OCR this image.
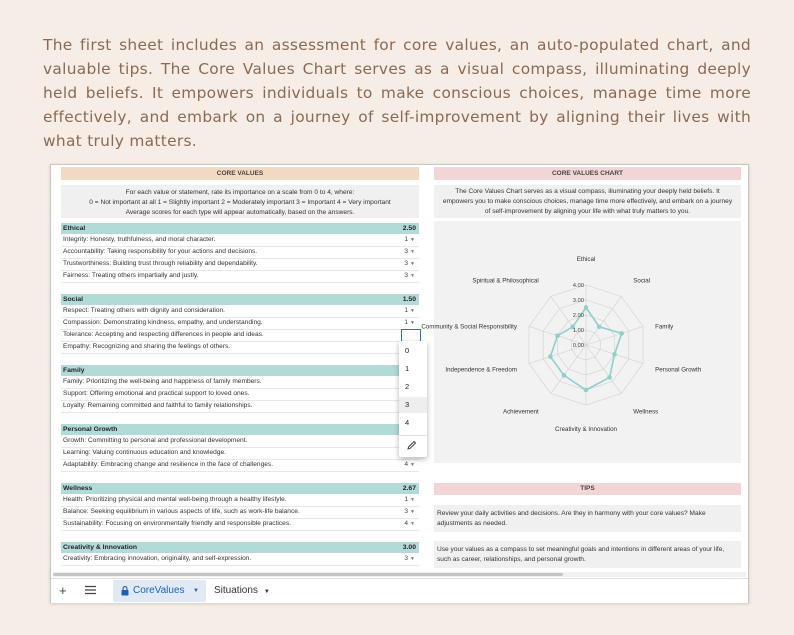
The first sheet includes an assessment for core values, an auto-populated chart, and valuable tips. The Core Values Chart serves as a visual compass, illuminating deeply held beliefs. It empowers individuals to make conscious choices, manage time more effectively, and embark on a journey of self-improvement by aligning their lives with what truly matters.
CORE VALUES
For each value or statement, rate its importance on a scale from 0 to 4, where:
0 = Not important at all 1 = Slightly important 2 = Moderately important 3 = Important 4 = Very important
Average scores for each type will appear automatically, based on the answers.
Ethical	2.50
Integrity: Honesty, truthfulness, and moral character.	1 ▼
Accountability: Taking responsibility for your actions and decisions.	3 ▼
Trustworthiness: Building trust through reliability and dependability.	3 ▼
Fairness: Treating others impartially and justly.	3 ▼
Social	1.50
Respect: Treating others with dignity and consideration.	1 ▼
Compassion: Demonstrating kindness, empathy, and understanding.	1 ▼
Tolerance: Accepting and respecting differences in people and ideas.
Empathy: Recognizing and sharing the feelings of others.
Family
Family: Prioritizing the well-being and happiness of family members.
Support: Offering emotional and practical support to loved ones.
Loyalty: Remaining committed and faithful to family relationships.
Personal Growth
Growth: Committing to personal and professional development.
Learning: Valuing continuous education and knowledge.
Adaptability: Embracing change and resilience in the face of challenges.	4 ▼
Wellness	2.67
Health: Prioritizing physical and mental well-being through a healthy lifestyle.	1 ▼
Balance: Seeking equilibrium in various aspects of life, such as work-life balance.	3 ▼
Sustainability: Focusing on environmentally friendly and responsible practices.	4 ▼
Creativity & Innovation	3.00
Creativity: Embracing innovation, originality, and self-expression.	3 ▼
0
1
2
3
4
CORE VALUES CHART
The Core Values Chart serves as a visual compass, illuminating your deeply held beliefs. It empowers you to make conscious choices, manage time more effectively, and embark on a journey of self-improvement by aligning your life with what truly matters to you.
0.00
1.00
2.00
3.00
4.00
Ethical
Social
Family
Personal Growth
Wellness
Creativity & Innovation
Achievement
Independence & Freedom
Community & Social Responsibility
Spiritual & Philosophical
TIPS
Review your daily activities and decisions. Are they in harmony with your core values? Make adjustments as needed.
Use your values as a compass to set meaningful goals and intentions in different areas of your life, such as career, relationships, and personal growth.
+	CoreValues ▼ Situations ▼
